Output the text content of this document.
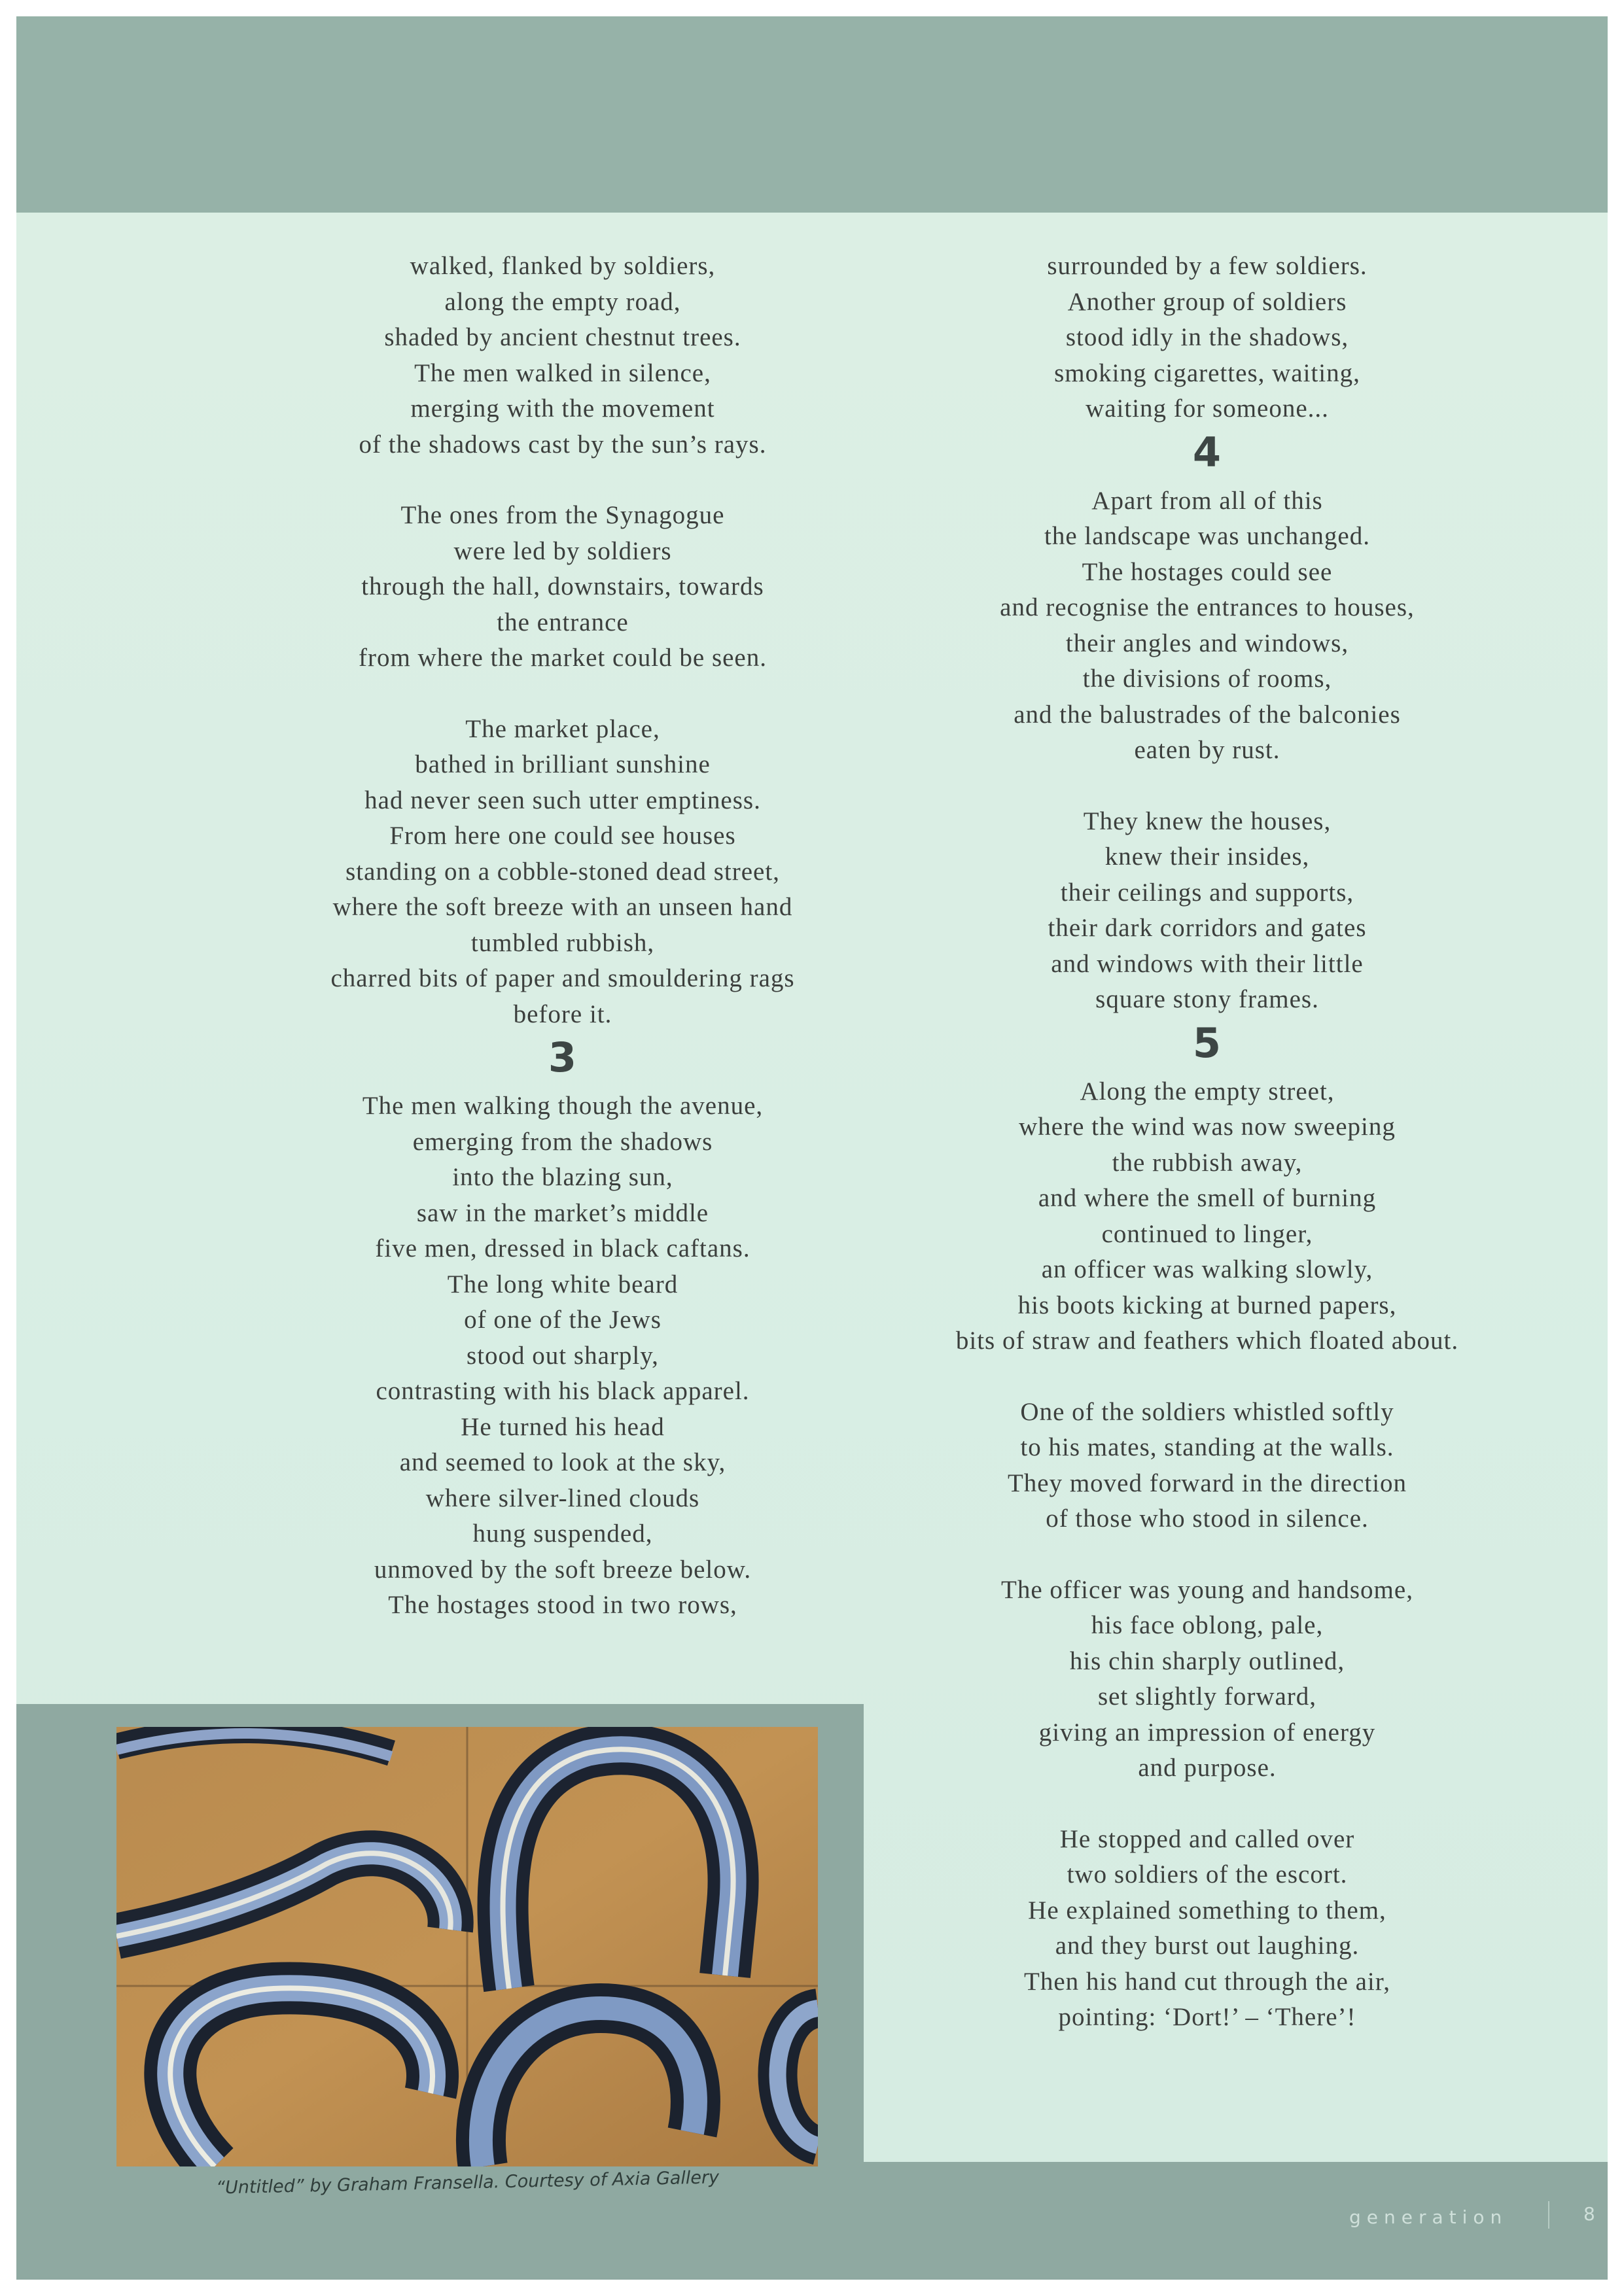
walked, flanked by soldiers,
along the empty road,
shaded by ancient chestnut trees.
The men walked in silence,
merging with the movement
of the shadows cast by the sun’s rays.
The ones from the Synagogue
were led by soldiers
through the hall, downstairs, towards
the entrance
from where the market could be seen.
The market place,
bathed in brilliant sunshine
had never seen such utter emptiness.
From here one could see houses
standing on a cobble-stoned dead street,
where the soft breeze with an unseen hand
tumbled rubbish,
charred bits of paper and smouldering rags
before it.
3
The men walking though the avenue,
emerging from the shadows
into the blazing sun,
saw in the market’s middle
five men, dressed in black caftans.
The long white beard
of one of the Jews
stood out sharply,
contrasting with his black apparel.
He turned his head
and seemed to look at the sky,
where silver-lined clouds
hung suspended,
unmoved by the soft breeze below.
The hostages stood in two rows,
surrounded by a few soldiers.
Another group of soldiers
stood idly in the shadows,
smoking cigarettes, waiting,
waiting for someone...
4
Apart from all of this
the landscape was unchanged.
The hostages could see
and recognise the entrances to houses,
their angles and windows,
the divisions of rooms,
and the balustrades of the balconies
eaten by rust.
They knew the houses,
knew their insides,
their ceilings and supports,
their dark corridors and gates
and windows with their little
square stony frames.
5
Along the empty street,
where the wind was now sweeping
the rubbish away,
and where the smell of burning
continued to linger,
an officer was walking slowly,
his boots kicking at burned papers,
bits of straw and feathers which floated about.
One of the soldiers whistled softly
to his mates, standing at the walls.
They moved forward in the direction
of those who stood in silence.
The officer was young and handsome,
his face oblong, pale,
his chin sharply outlined,
set slightly forward,
giving an impression of energy
and purpose.
He stopped and called over
two soldiers of the escort.
He explained something to them,
and they burst out laughing.
Then his hand cut through the air,
pointing: ‘Dort!’ – ‘There’!
“Untitled” by Graham Fransella. Courtesy of Axia Gallery
generation	8
